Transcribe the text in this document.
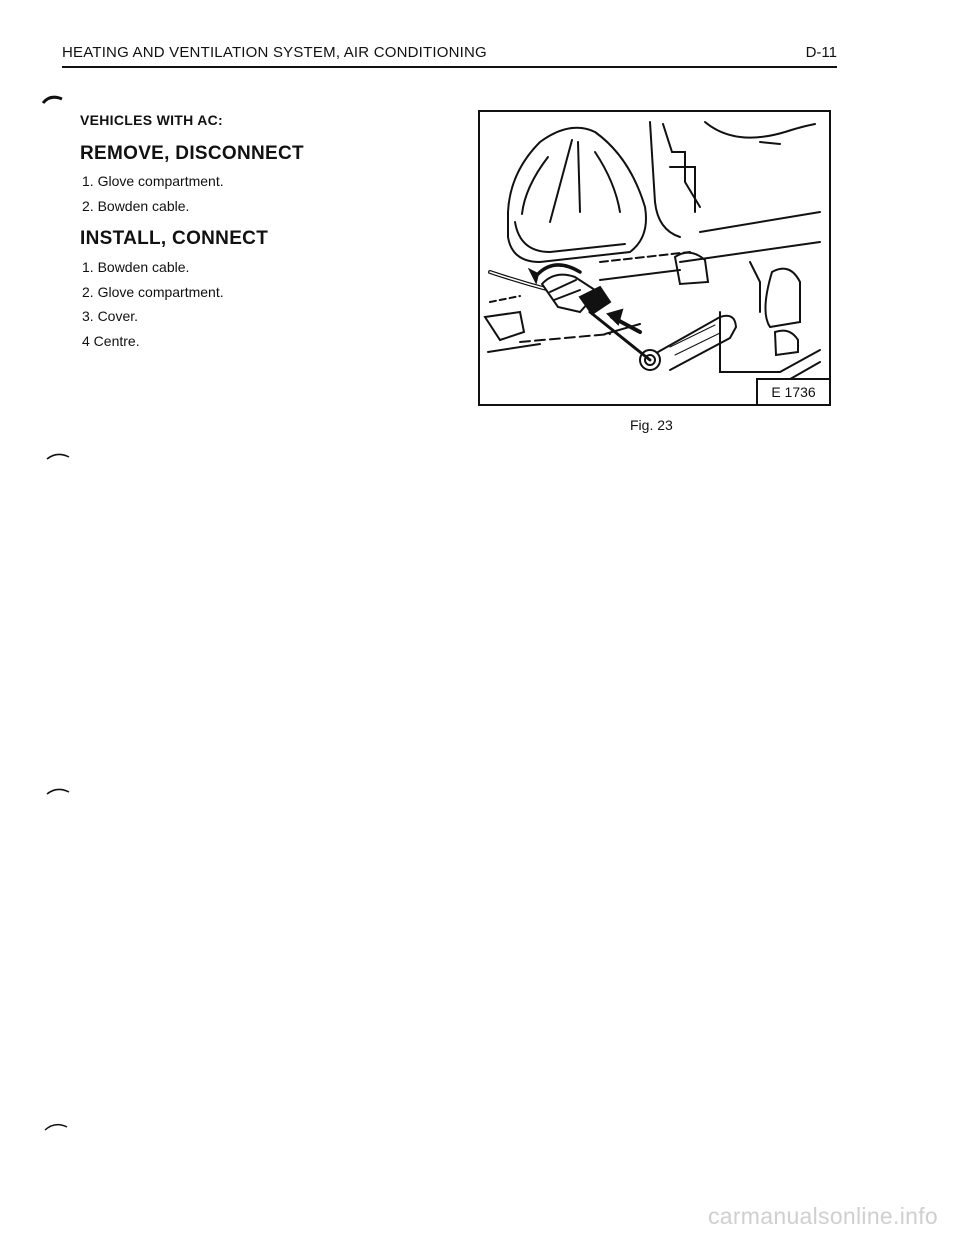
HEATING AND VENTILATION SYSTEM, AIR CONDITIONING	D-11
VEHICLES WITH AC:
REMOVE, DISCONNECT
1. Glove compartment.
2. Bowden cable.
INSTALL, CONNECT
1. Bowden cable.
2. Glove compartment.
3. Cover.
4 Centre.
E 1736
Fig. 23
carmanualsonline.info
